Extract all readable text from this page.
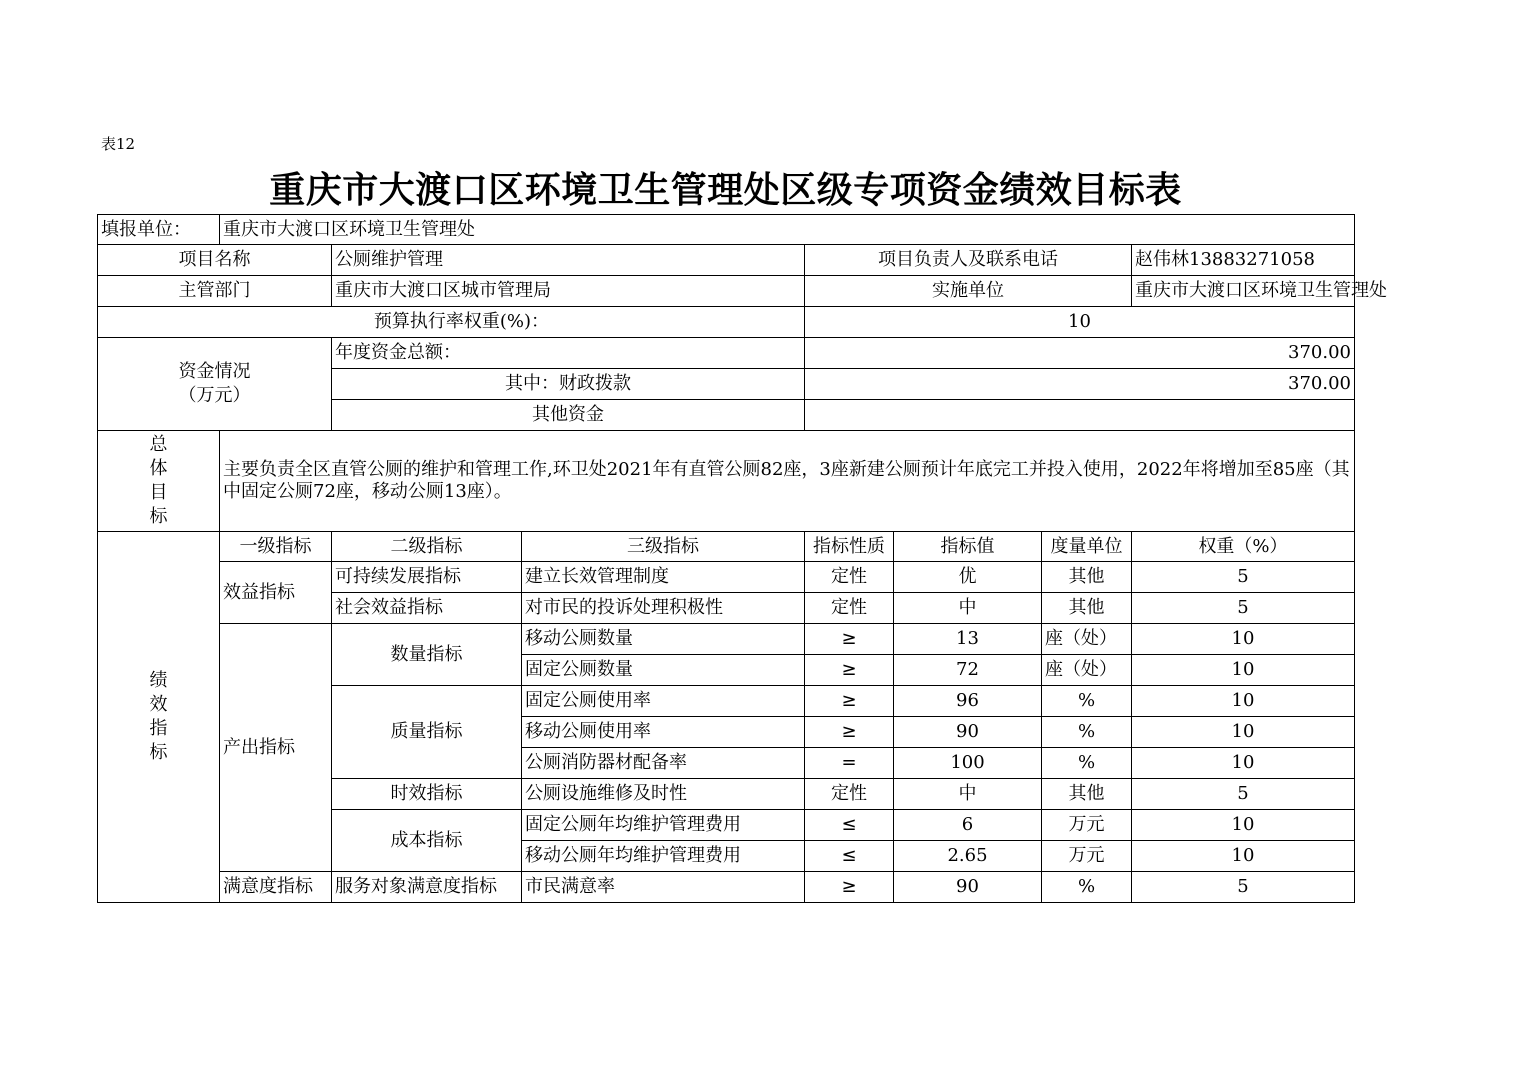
表12
重庆市大渡口区环境卫生管理处区级专项资金绩效目标表
填报单位：	重庆市大渡口区环境卫生管理处						
项目名称		公厕维护管理		项目负责人及联系电话			赵伟林13883271058
主管部门		重庆市大渡口区城市管理局		实施单位			重庆市大渡口区环境卫生管理处
预算执行率权重(%)：				10			

资金情况
（万元）		年度资金总额：		370.00			
		其中：财政拨款		370.00			
		其他资金					

总
体
目
标	主要负责全区直管公厕的维护和管理工作,环卫处2021年有直管公厕82座，3座新建公厕预计年底完工并投入使用，2022年将增加至85座（其中固定公厕72座，移动公厕13座）。						

绩
效
指
标	一级指标	二级指标	三级指标	指标性质	指标值	度量单位	权重（%）
	效益指标	可持续发展指标	建立长效管理制度	定性	优	其他	5
		社会效益指标	对市民的投诉处理积极性	定性	中	其他	5
	产出指标	数量指标	移动公厕数量	≥	13	座（处）	10
			固定公厕数量	≥	72	座（处）	10
		质量指标	固定公厕使用率	≥	96	%	10
			移动公厕使用率	≥	90	%	10
			公厕消防器材配备率	=	100	%	10
		时效指标	公厕设施维修及时性	定性	中	其他	5
		成本指标	固定公厕年均维护管理费用	≤	6	万元	10
			移动公厕年均维护管理费用	≤	2.65	万元	10
	满意度指标	服务对象满意度指标	市民满意率	≥	90	%	5
